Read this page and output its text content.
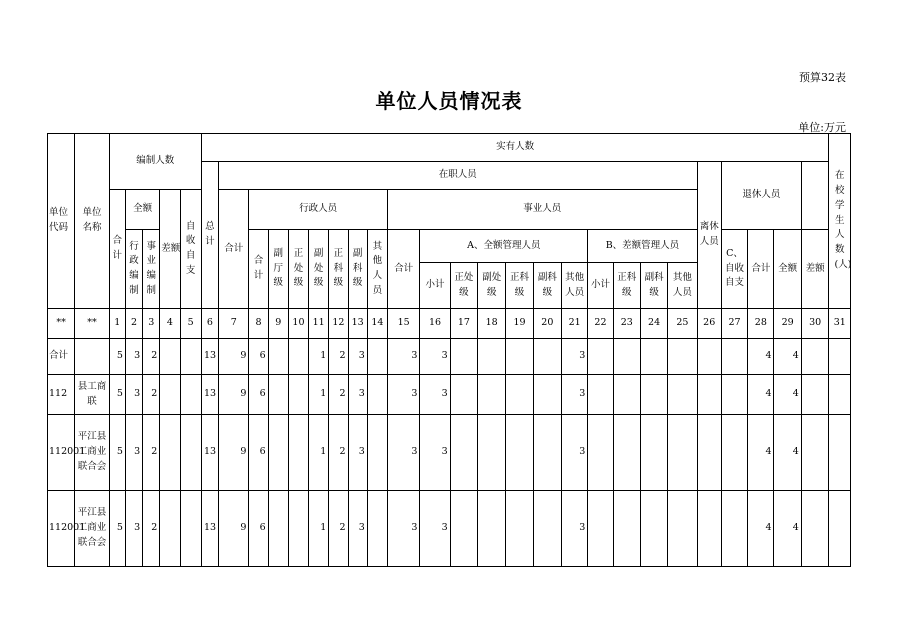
预算32表
单位人员情况表
单位:万元
单位代码	单位名称	编制人数					实有人数																									在校学生人数(人)
							总计	在职人员																			离休人员	退休人员				
		合计	全额		差额	自收自支		合计	行政人员							事业人员																
			行政编制	事业编制					合计	副厅级	正处级	副处级	正科级	副科级	其他人员	合计	A、全额管理人员						B、差额管理人员					C、自收自支	合计	全额	差额	
																	小计	正处级	副处级	正科级	副科级	其他人员	小计	正科级	副科级	其他人员						
**	**	1	2	3	4	5	6	7	8	9	10	11	12	13	14	15	16	17	18	19	20	21	22	23	24	25	26	27	28	29	30	31
合计		5	3	2			13	9	6			1	2	3		3	3					3							4	4		
112	县工商联	5	3	2			13	9	6			1	2	3		3	3					3							4	4		
112001	平江县工商业联合会	5	3	2			13	9	6			1	2	3		3	3					3							4	4		
112001	平江县工商业联合会	5	3	2			13	9	6			1	2	3		3	3					3							4	4		
